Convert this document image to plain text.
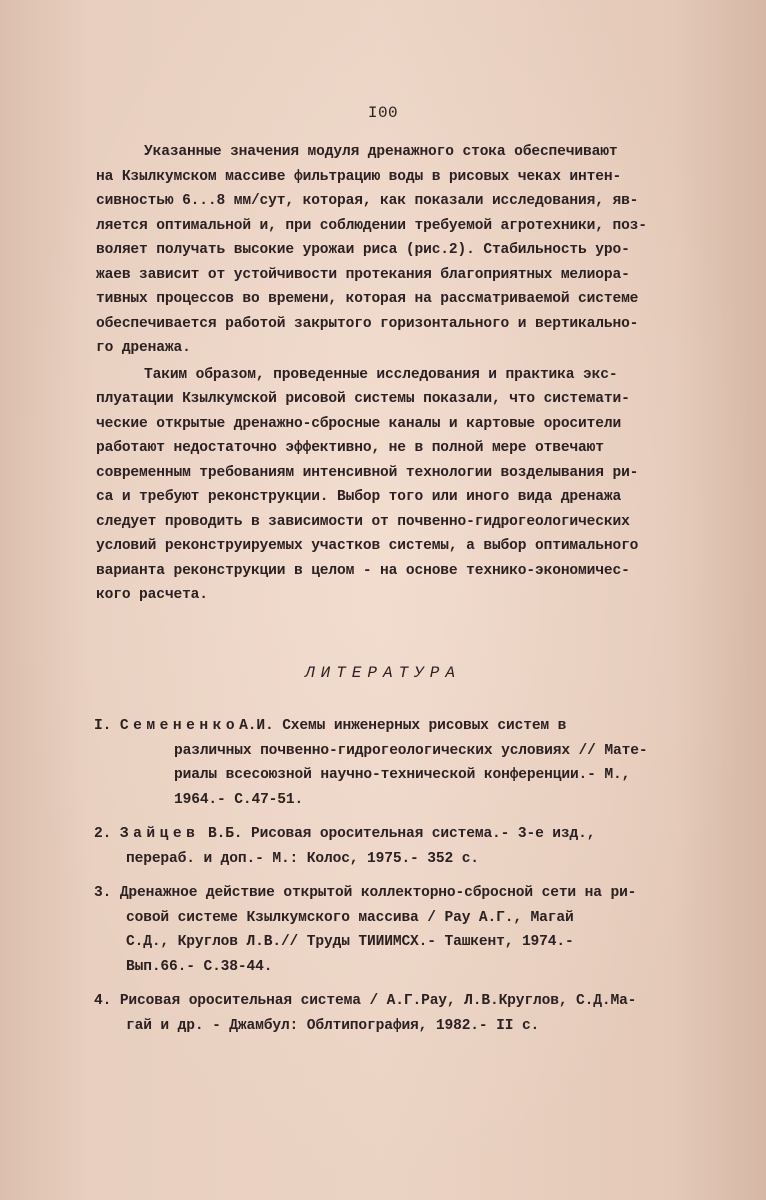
I00
Указанные значения модуля дренажного стока обеспечивают
на Кзылкумском массиве фильтрацию воды в рисовых чеках интен-
сивностью 6...8 мм/сут, которая, как показали исследования, яв-
ляется оптимальной и, при соблюдении требуемой агротехники, поз-
воляет получать высокие урожаи риса (рис.2). Стабильность уро-
жаев зависит от устойчивости протекания благоприятных мелиора-
тивных процессов во времени, которая на рассматриваемой системе
обеспечивается работой закрытого горизонтального и вертикально-
го дренажа.
Таким образом, проведенные исследования и практика экс-
плуатации Кзылкумской рисовой системы показали, что системати-
ческие открытые дренажно-сбросные каналы и картовые оросители
работают недостаточно эффективно, не в полной мере отвечают
современным требованиям интенсивной технологии возделывания ри-
са и требуют реконструкции. Выбор того или иного вида дренажа
следует проводить в зависимости от почвенно-гидрогеологических
условий реконструируемых участков системы, а выбор оптимального
варианта реконструкции в целом - на основе технико-экономичес-
кого расчета.
ЛИТЕРАТУРА
I. СемененкоА.И. Схемы инженерных рисовых систем в
различных почвенно-гидрогеологических условиях // Мате-
риалы всесоюзной научно-технической конференции.- М.,
1964.- С.47-51.
2. Зайцев В.Б. Рисовая оросительная система.- 3-е изд.,
перераб. и доп.- М.: Колос, 1975.- 352 с.
3. Дренажное действие открытой коллекторно-сбросной сети на ри-
совой системе Кзылкумского массива / Рау А.Г., Магай
С.Д., Круглов Л.В.// Труды ТИИИМСХ.- Ташкент, 1974.-
Вып.66.- С.38-44.
4. Рисовая оросительная система / А.Г.Рау, Л.В.Круглов, С.Д.Ма-
гай и др. - Джамбул: Облтипография, 1982.- II с.
